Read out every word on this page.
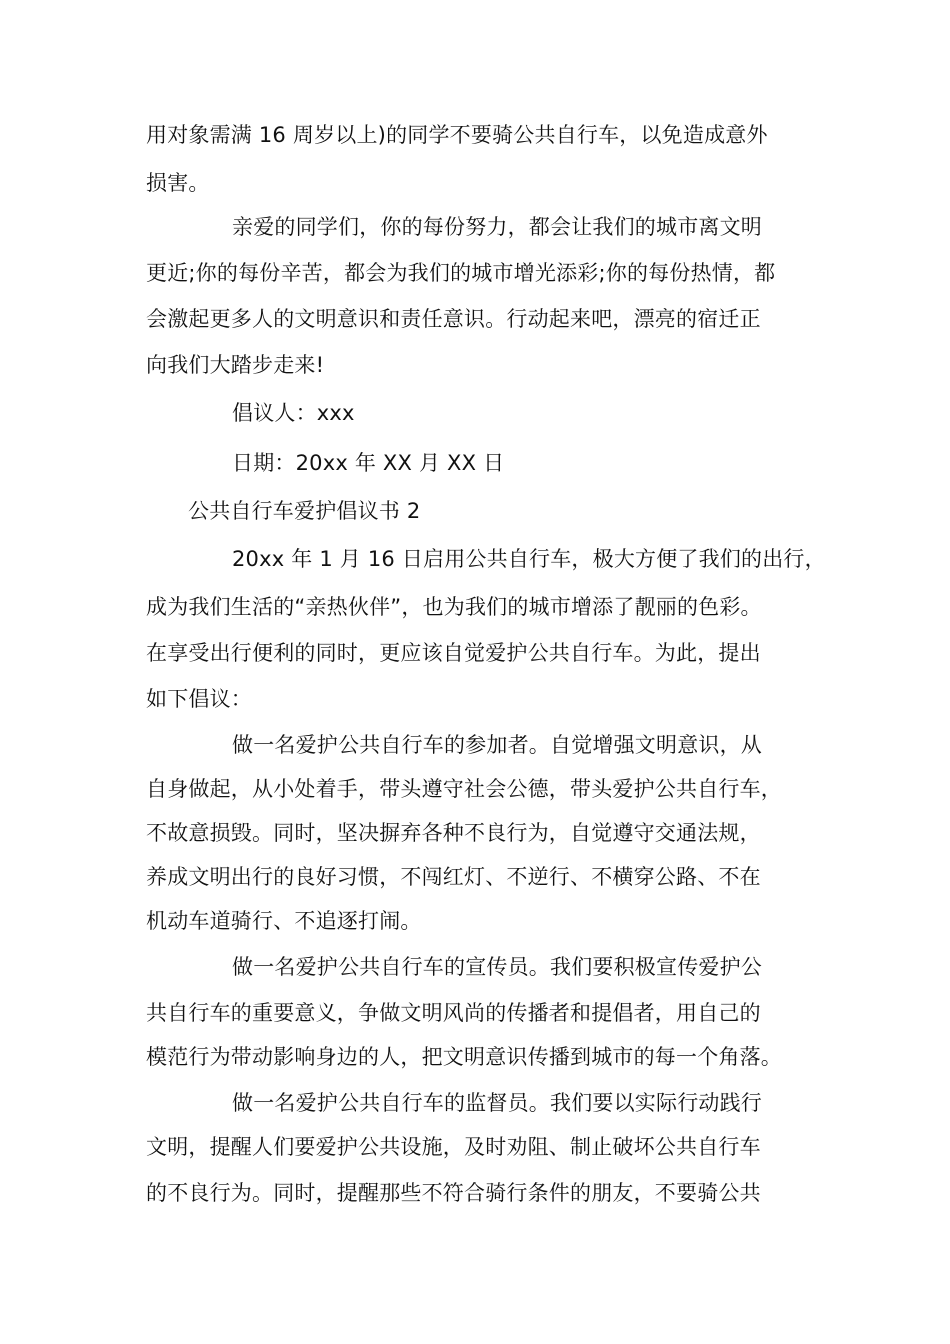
用对象需满 16 周岁以上)的同学不要骑公共自行车，以免造成意外
损害。
亲爱的同学们，你的每份努力，都会让我们的城市离文明
更近;你的每份辛苦，都会为我们的城市增光添彩;你的每份热情，都
会激起更多人的文明意识和责任意识。行动起来吧，漂亮的宿迁正
向我们大踏步走来!
倡议人：xxx
日期：20xx 年 XX 月 XX 日
公共自行车爱护倡议书 2
20xx 年 1 月 16 日启用公共自行车，极大方便了我们的出行，
成为我们生活的“亲热伙伴”，也为我们的城市增添了靓丽的色彩。
在享受出行便利的同时，更应该自觉爱护公共自行车。为此，提出
如下倡议：
做一名爱护公共自行车的参加者。自觉增强文明意识，从
自身做起，从小处着手，带头遵守社会公德，带头爱护公共自行车，
不故意损毁。同时，坚决摒弃各种不良行为，自觉遵守交通法规，
养成文明出行的良好习惯，不闯红灯、不逆行、不横穿公路、不在
机动车道骑行、不追逐打闹。
做一名爱护公共自行车的宣传员。我们要积极宣传爱护公
共自行车的重要意义，争做文明风尚的传播者和提倡者，用自己的
模范行为带动影响身边的人，把文明意识传播到城市的每一个角落。
做一名爱护公共自行车的监督员。我们要以实际行动践行
文明，提醒人们要爱护公共设施，及时劝阻、制止破坏公共自行车
的不良行为。同时，提醒那些不符合骑行条件的朋友，不要骑公共
